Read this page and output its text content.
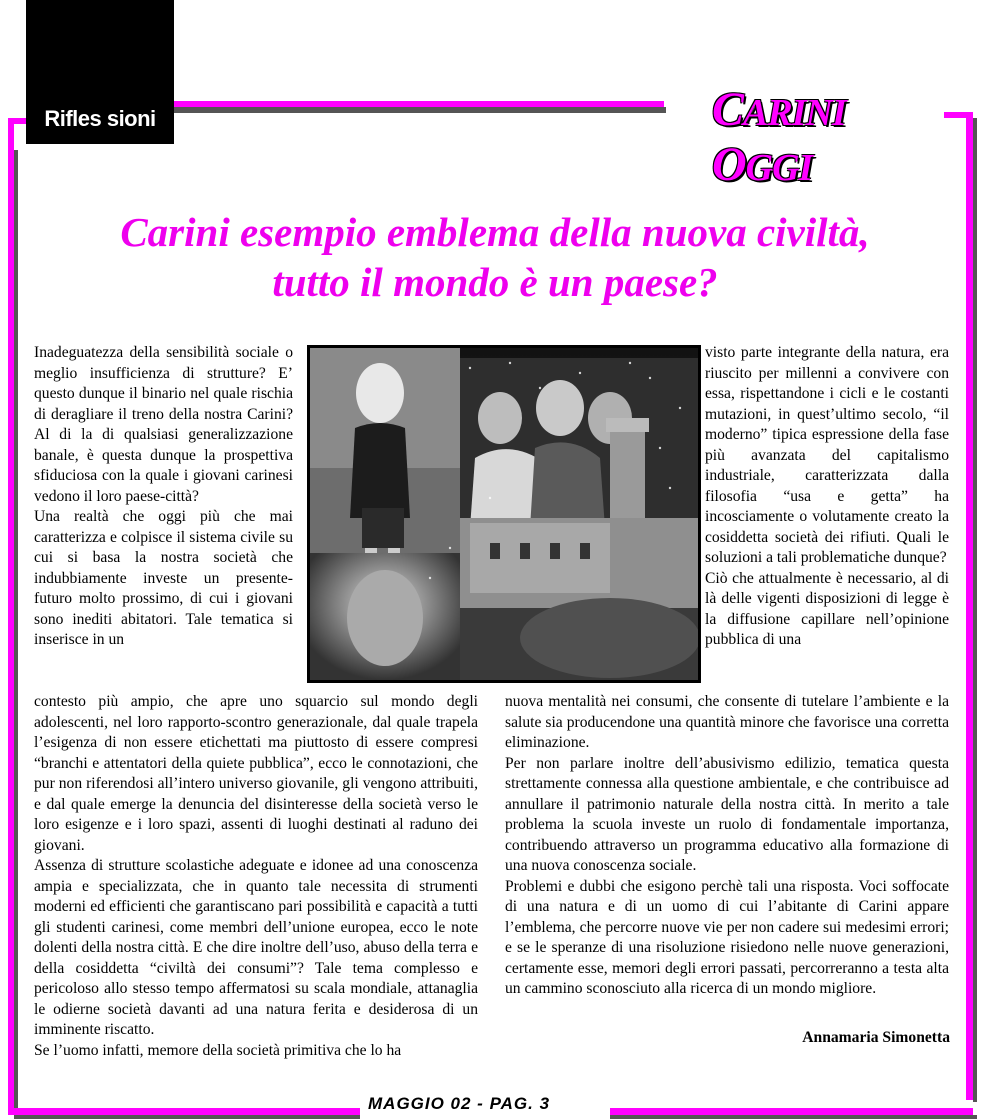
Rifles sioni	CARINI OGGI
Carini esempio emblema della nuova civiltà,
tutto il mondo è un paese?

Inadeguatezza della sensibilità sociale o meglio insufficienza di strutture? E’ questo dunque il binario nel quale rischia di deragliare il treno della nostra Carini? Al di la di qualsiasi generalizzazione banale, è questa dunque la prospettiva sfiduciosa con la quale i giovani carinesi vedono il loro paese-città?

Una realtà che oggi più che mai caratterizza e colpisce il sistema civile su cui si basa la nostra società che indubbiamente investe un presente-futuro molto prossimo, di cui i giovani sono inediti abitatori. Tale tematica si inserisce in un

visto parte integrante della natura, era riuscito per millenni a convivere con essa, rispettandone i cicli e le costanti mutazioni, in quest’ultimo secolo, “il moderno” tipica espressione della fase più avanzata del capitalismo industriale, caratterizzata dalla filosofia “usa e getta” ha incosciamente o volutamente creato la cosiddetta società dei rifiuti. Quali le soluzioni a tali problematiche dunque?

Ciò che attualmente è necessario, al di là delle vigenti disposizioni di legge è la diffusione capillare nell’opinione pubblica di una

contesto più ampio, che apre uno squarcio sul mondo degli adolescenti, nel loro rapporto-scontro generazionale, dal quale trapela l’esigenza di non essere etichettati ma piuttosto di essere compresi “branchi e attentatori della quiete pubblica”, ecco le connotazioni, che pur non riferendosi all’intero universo giovanile, gli vengono attribuiti, e dal quale emerge la denuncia del disinteresse della società verso le loro esigenze e i loro spazi, assenti di luoghi destinati al raduno dei giovani.

Assenza di strutture scolastiche adeguate e idonee ad una conoscenza ampia e specializzata, che in quanto tale necessita di strumenti moderni ed efficienti che garantiscano pari possibilità e capacità a tutti gli studenti carinesi, come membri dell’unione europea, ecco le note dolenti della nostra città. E che dire inoltre dell’uso, abuso della terra e della cosiddetta “civiltà dei consumi”? Tale tema complesso e pericoloso allo stesso tempo affermatosi su scala mondiale, attanaglia le odierne società davanti ad una natura ferita e desiderosa di un imminente riscatto.

Se l’uomo infatti, memore della società primitiva che lo ha

nuova mentalità nei consumi, che consente di tutelare l’ambiente e la salute sia producendone una quantità minore che favorisce una corretta eliminazione.

Per non parlare inoltre dell’abusivismo edilizio, tematica questa strettamente connessa alla questione ambientale, e che contribuisce ad annullare il patrimonio naturale della nostra città. In merito a tale problema la scuola investe un ruolo di fondamentale importanza, contribuendo attraverso un programma educativo alla formazione di una nuova conoscenza sociale.

Problemi e dubbi che esigono perchè tali una risposta. Voci soffocate di una natura e di un uomo di cui l’abitante di Carini appare l’emblema, che percorre nuove vie per non cadere sui medesimi errori; e se le speranze di una risoluzione risiedono nelle nuove generazioni, certamente esse, memori degli errori passati, percorreranno a testa alta un cammino sconosciuto alla ricerca di un mondo migliore.

Annamaria Simonetta
MAGGIO 02 - PAG. 3
